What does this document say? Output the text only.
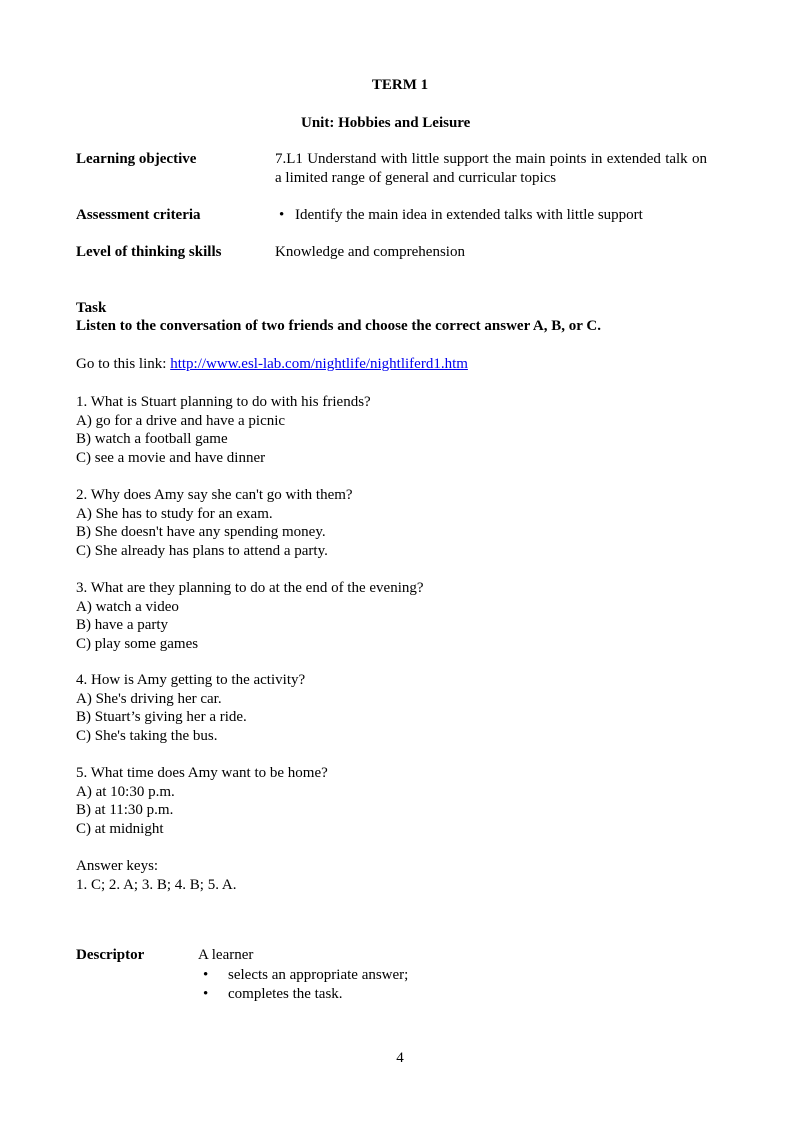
TERM 1
Unit: Hobbies and Leisure
Learning objective	7.L1 Understand with little support the main points in extended talk on a limited range of general and curricular topics
Assessment criteria
•	Identify the main idea in extended talks with little support
Level of thinking skills	Knowledge and comprehension
Task
Listen to the conversation of two friends and choose the correct answer A, B, or C.
Go to this link: http://www.esl-lab.com/nightlife/nightliferd1.htm
1. What is Stuart planning to do with his friends?
A) go for a drive and have a picnic
B) watch a football game
C) see a movie and have dinner
2. Why does Amy say she can't go with them?
A) She has to study for an exam.
B) She doesn't have any spending money.
C) She already has plans to attend a party.
3. What are they planning to do at the end of the evening?
A) watch a video
B) have a party
C) play some games
4. How is Amy getting to the activity?
A) She's driving her car.
B) Stuart’s giving her a ride.
C) She's taking the bus.
5. What time does Amy want to be home?
A) at 10:30 p.m.
B) at 11:30 p.m.
C) at midnight
Answer keys:
1. C; 2. A; 3. B; 4. B; 5. A.
Descriptor	A learner
• selects an appropriate answer;
• completes the task.
4
